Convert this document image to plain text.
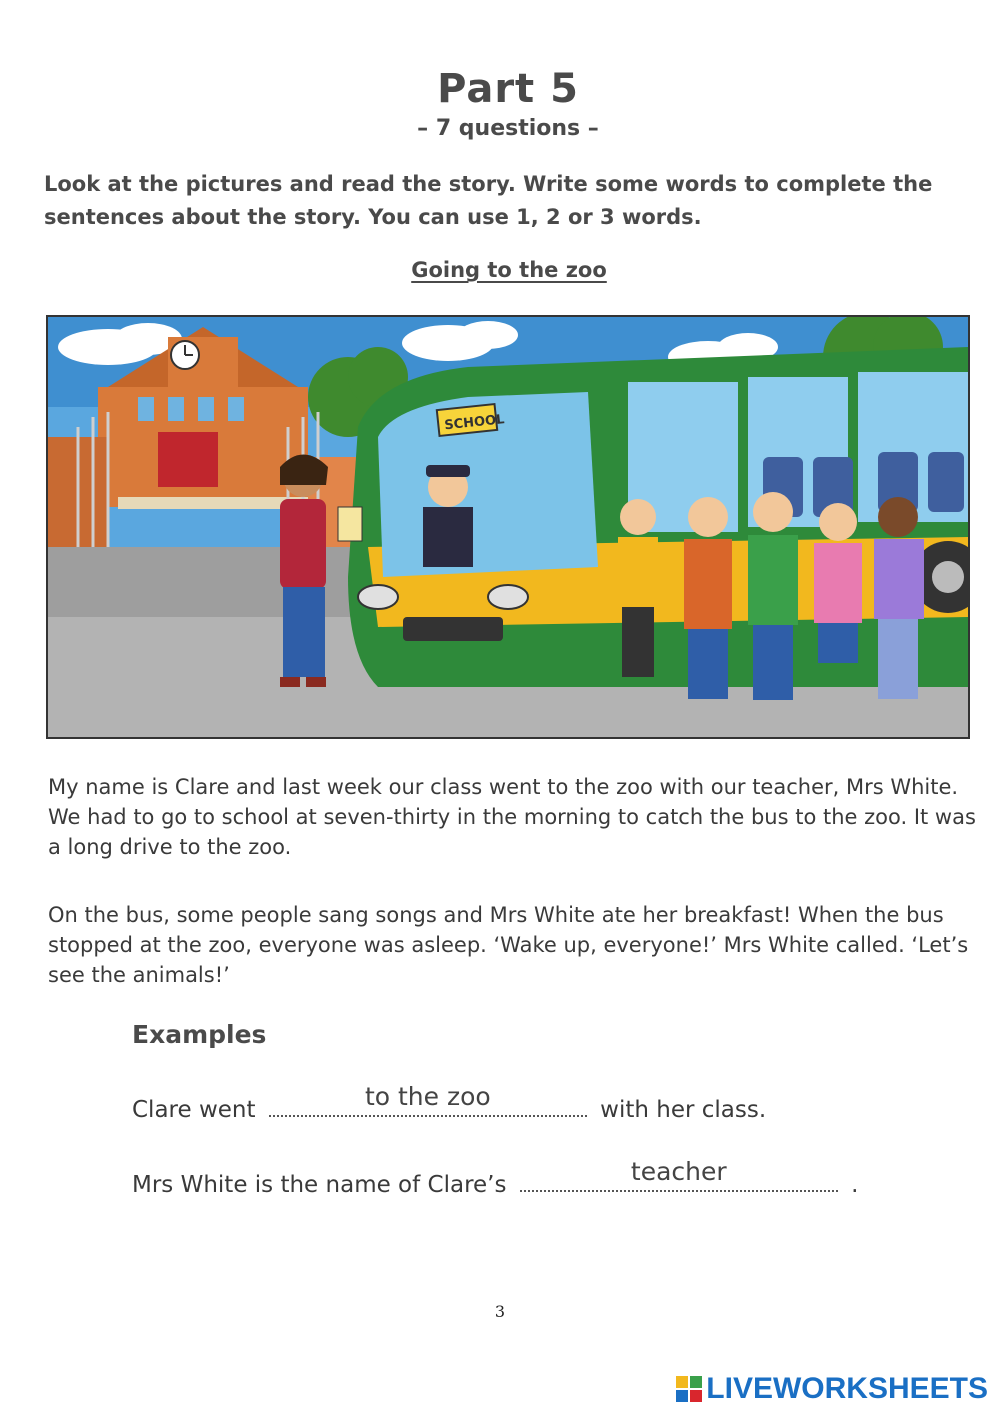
Part 5
– 7 questions –
Look at the pictures and read the story. Write some words to complete the sentences about the story. You can use 1, 2 or 3 words.
Going to the zoo
SCHOOL
My name is Clare and last week our class went to the zoo with our teacher, Mrs White. We had to go to school at seven-thirty in the morning to catch the bus to the zoo. It was a long drive to the zoo.
On the bus, some people sang songs and Mrs White ate her breakfast! When the bus stopped at the zoo, everyone was asleep. ‘Wake up, everyone!’ Mrs White called. ‘Let’s see the animals!’
Examples
Clare went	to the zoo	with her class.
Mrs White is the name of Clare’s	teacher	.
3
LIVEWORKSHEETS
